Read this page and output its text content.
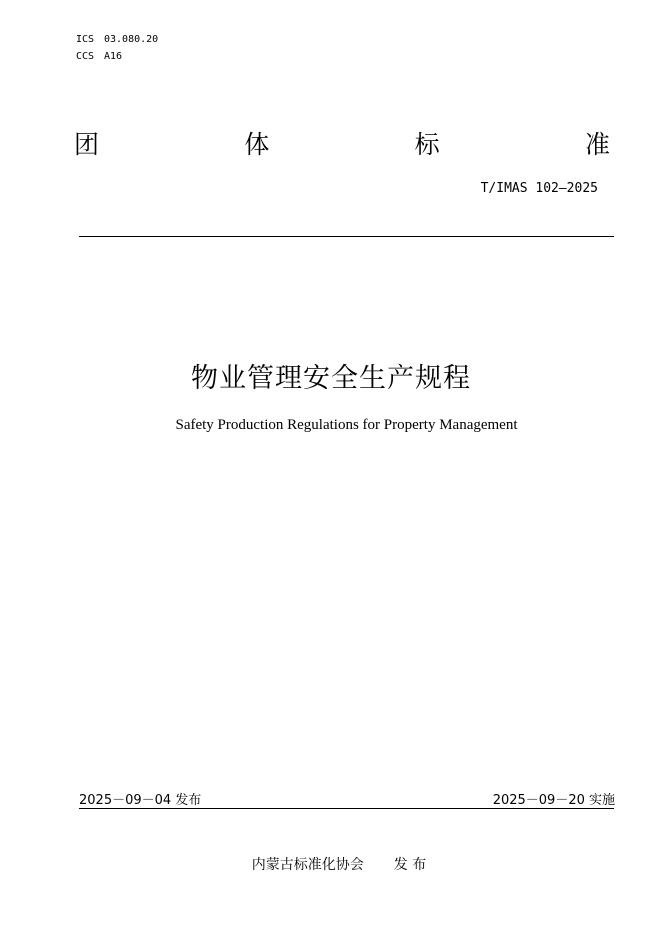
ICS 03.080.20
CCS A16
团	体	标	准
T/IMAS 102—2025
物业管理安全生产规程
Safety Production Regulations for Property Management
2025－09－04 发布	2025－09－20 实施
内蒙古标准化协会 发 布
